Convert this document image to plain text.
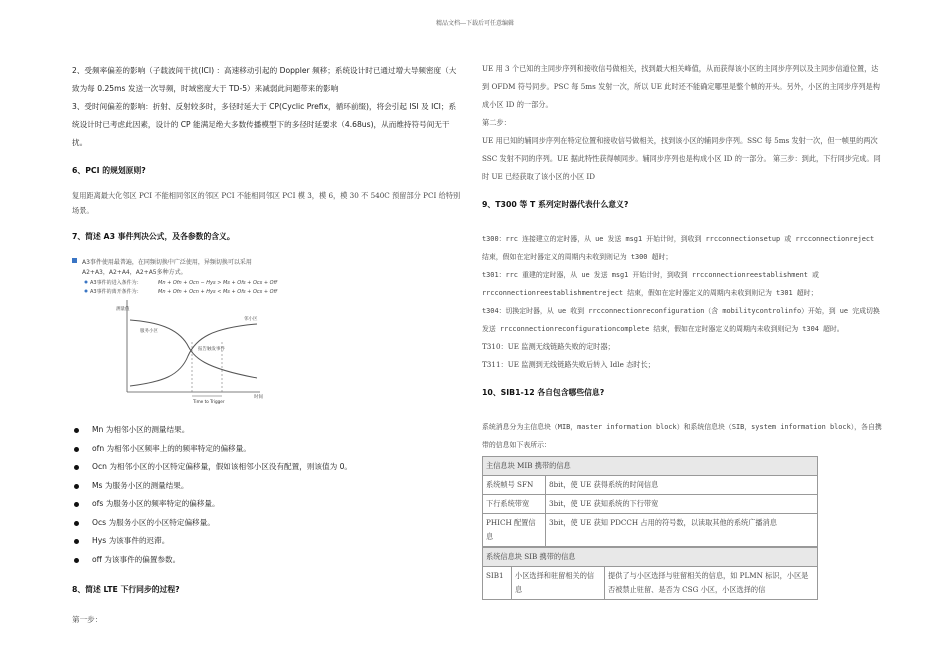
精品文档---下载后可任意编辑

2、受频率偏差的影响（子载波间干扰(ICI) ：高速移动引起的 Doppler 频移；系统设计时已通过增大导频密度（大致为每 0.25ms 发送一次导频，时域密度大于 TD-5）来减弱此问题带来的影响

3、受时间偏差的影响：折射、反射较多时，多径时延大于 CP(Cyclic Prefix，循环前缀)，将会引起 ISI 及 ICI；系统设计时已考虑此因素，设计的 CP 能满足绝大多数传播模型下的多径时延要求（4.68us)，从而维持符号间无干扰。

6、PCI 的规划原则?

复用距离最大化邻区 PCI 不能相同邻区的邻区 PCI 不能相同邻区 PCI 模 3，模 6，模 30 不 540C 预留部分 PCI 给特别场景。

7、简述 A3 事件判决公式，及各参数的含义。
A3事件使用最普遍，在同频切换中广泛使用，异频切换可以采用
A2+A3，A2+A4，A2+A5多种方式。
A3事件的进入条件为：	Mn + Ofn + Ocn − Hys > Ms + Ofs + Ocs + Off
A3事件的离开条件为：	Mn + Ofn + Ocn + Hys < Ms + Ofs + Ocs + Off
测量值
时间
服务小区
邻小区
报告触发事件
Time to Trigger
Mn 为相邻小区的测量结果。
ofn 为相邻小区频率上的的频率特定的偏移量。
Ocn 为相邻小区的小区特定偏移量，假如该相邻小区没有配置，则该值为 0。
Ms 为服务小区的测量结果。
ofs 为服务小区的频率特定的偏移量。
Ocs 为服务小区的小区特定偏移量。
Hys 为该事件的迟滞。
off 为该事件的偏置参数。
8、简述 LTE 下行同步的过程?

第一步：

UE 用 3 个已知的主同步序列和接收信号做相关，找到最大相关峰值，从而获得该小区的主同步序列以及主同步信道位置，达到 OFDM 符号同步。PSC 每 5ms 发射一次，所以 UE 此时还不能确定哪里是整个帧的开头。另外，小区的主同步序列是构成小区 ID 的一部分。

第二步：

UE 用已知的辅同步序列在特定位置和接收信号做相关，找到该小区的辅同步序列。SSC 每 5ms 发射一次，但一帧里的两次 SSC 发射不同的序列。UE 据此特性获得帧同步。辅同步序列也是构成小区 ID 的一部分。 第三步：到此，下行同步完成。同时 UE 已经获取了该小区的小区 ID

9、T300 等 T 系列定时器代表什么意义?

t300：rrc 连接建立的定时器，从 ue 发送 msg1 开始计时，到收到 rrcconnectionsetup 或 rrcconnectionreject 结束，假如在定时器定义的周期内未收到则记为 t300 超时；

t301：rrc 重建的定时器，从 ue 发送 msg1 开始计时，到收到 rrcconnectionreestablishment 或 rrcconnectionreestablishmentreject 结束，假如在定时器定义的周期内未收到则记为 t301 超时；

t304：切换定时器，从 ue 收到 rrcconnectionreconfiguration（含 mobilitycontrolinfo）开始，到 ue 完成切换发送 rrcconnectionreconfigurationcomplete 结束，假如在定时器定义的周期内未收到则记为 t304 超时。

T310：UE 监测无线链路失败的定时器；

T311：UE 监测到无线链路失败后转入 Idle 态时长；

10、SIB1-12 各自包含哪些信息?

系统消息分为主信息块（MIB，master information block）和系统信息块（SIB，system information block），各自携带的信息如下表所示：

主信息块 MIB 携带的信息	
系统帧号 SFN	8bit，使 UE 获得系统的时间信息
下行系统带宽	3bit，使 UE 获知系统的下行带宽
PHICH 配置信息	3bit，使 UE 获知 PDCCH 占用的符号数，以读取其他的系统广播消息
系统信息块 SIB 携带的信息
SIB1	小区选择和驻留相关的信息	提供了与小区选择与驻留相关的信息，如 PLMN 标识，小区是否被禁止驻留、是否为 CSG 小区，小区选择的信
